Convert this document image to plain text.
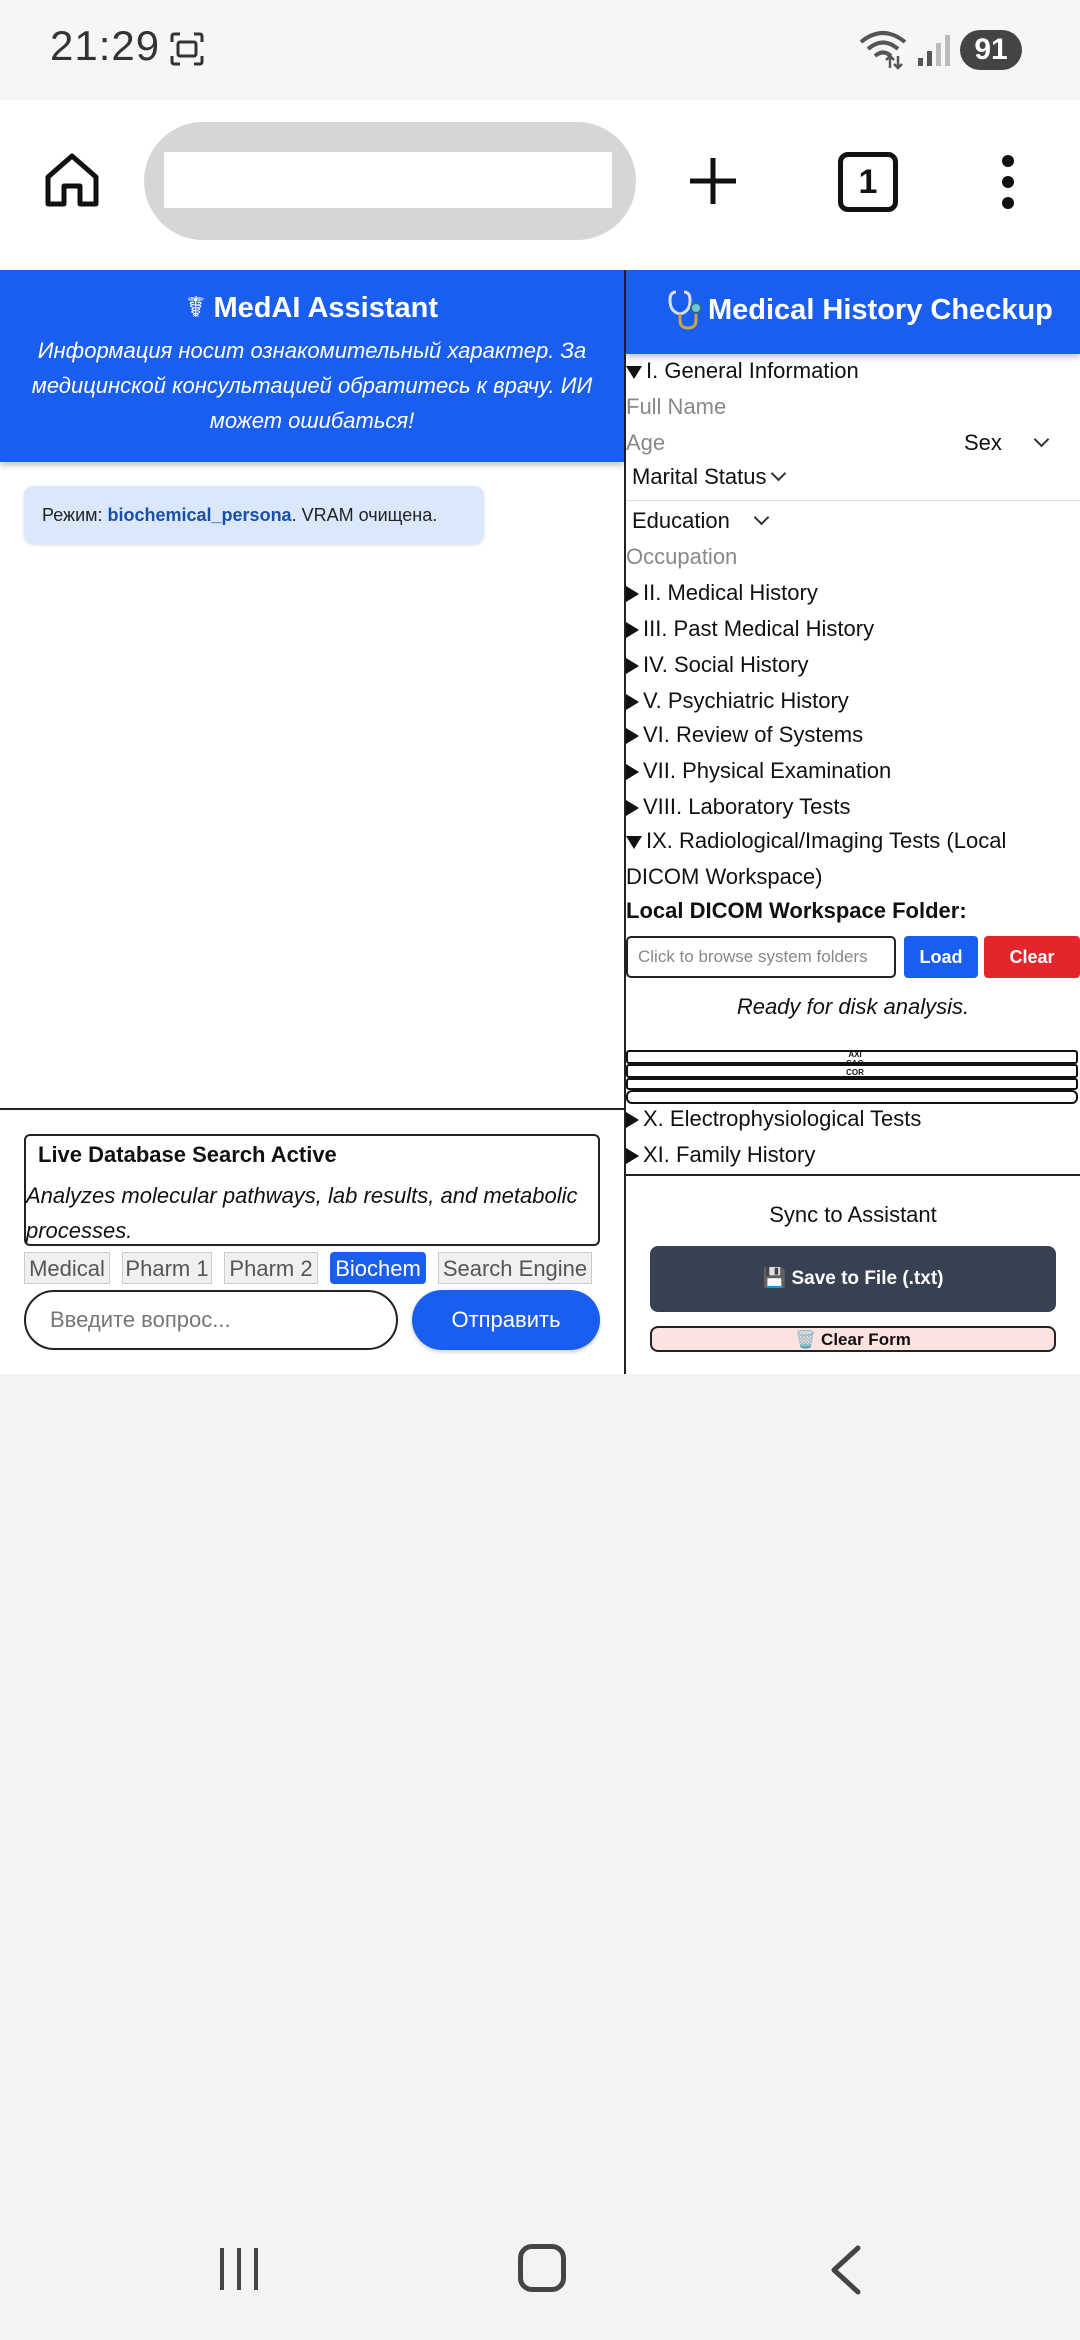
21:29	91
1
☤ MedAI Assistant
Информация носит ознакомительный характер. За медицинской консультацией обратитесь к врачу. ИИ может ошибаться!
Режим: biochemical_persona. VRAM очищена.
Live Database Search Active
Analyzes molecular pathways, lab results, and metabolic processes.
Medical Pharm 1 Pharm 2 Biochem Search Engine
Введите вопрос...	Отправить
Medical History Checkup
I. General Information
Full Name
Age	Sex
Marital Status
Education
Occupation
II. Medical History
III. Past Medical History
IV. Social History
V. Psychiatric History
VI. Review of Systems
VII. Physical Examination
VIII. Laboratory Tests
IX. Radiological/Imaging Tests (Local
DICOM Workspace)
Local DICOM Workspace Folder:
Click to browse system folders	Load	Clear
Ready for disk analysis.
AXI
SAG
COR
X. Electrophysiological Tests
XI. Family History
Sync to Assistant
💾 Save to File (.txt)
🗑️ Clear Form
